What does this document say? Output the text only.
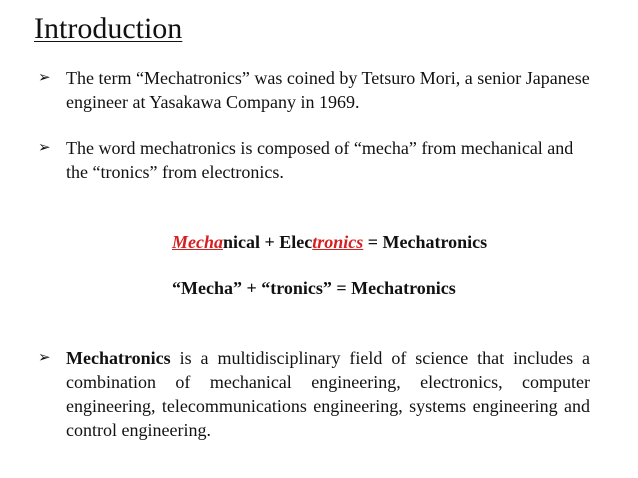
Introduction
➢ The term “Mechatronics” was coined by Tetsuro Mori, a senior Japanese engineer at Yasakawa Company in 1969.
➢ The word mechatronics is composed of “mecha” from mechanical and the “tronics” from electronics.
Mechanical + Electronics = Mechatronics
“Mecha” + “tronics” = Mechatronics
➢ Mechatronics is a multidisciplinary field of science that includes a combination of mechanical engineering, electronics, computer engineering, telecommunications engineering, systems engineering and control engineering.
